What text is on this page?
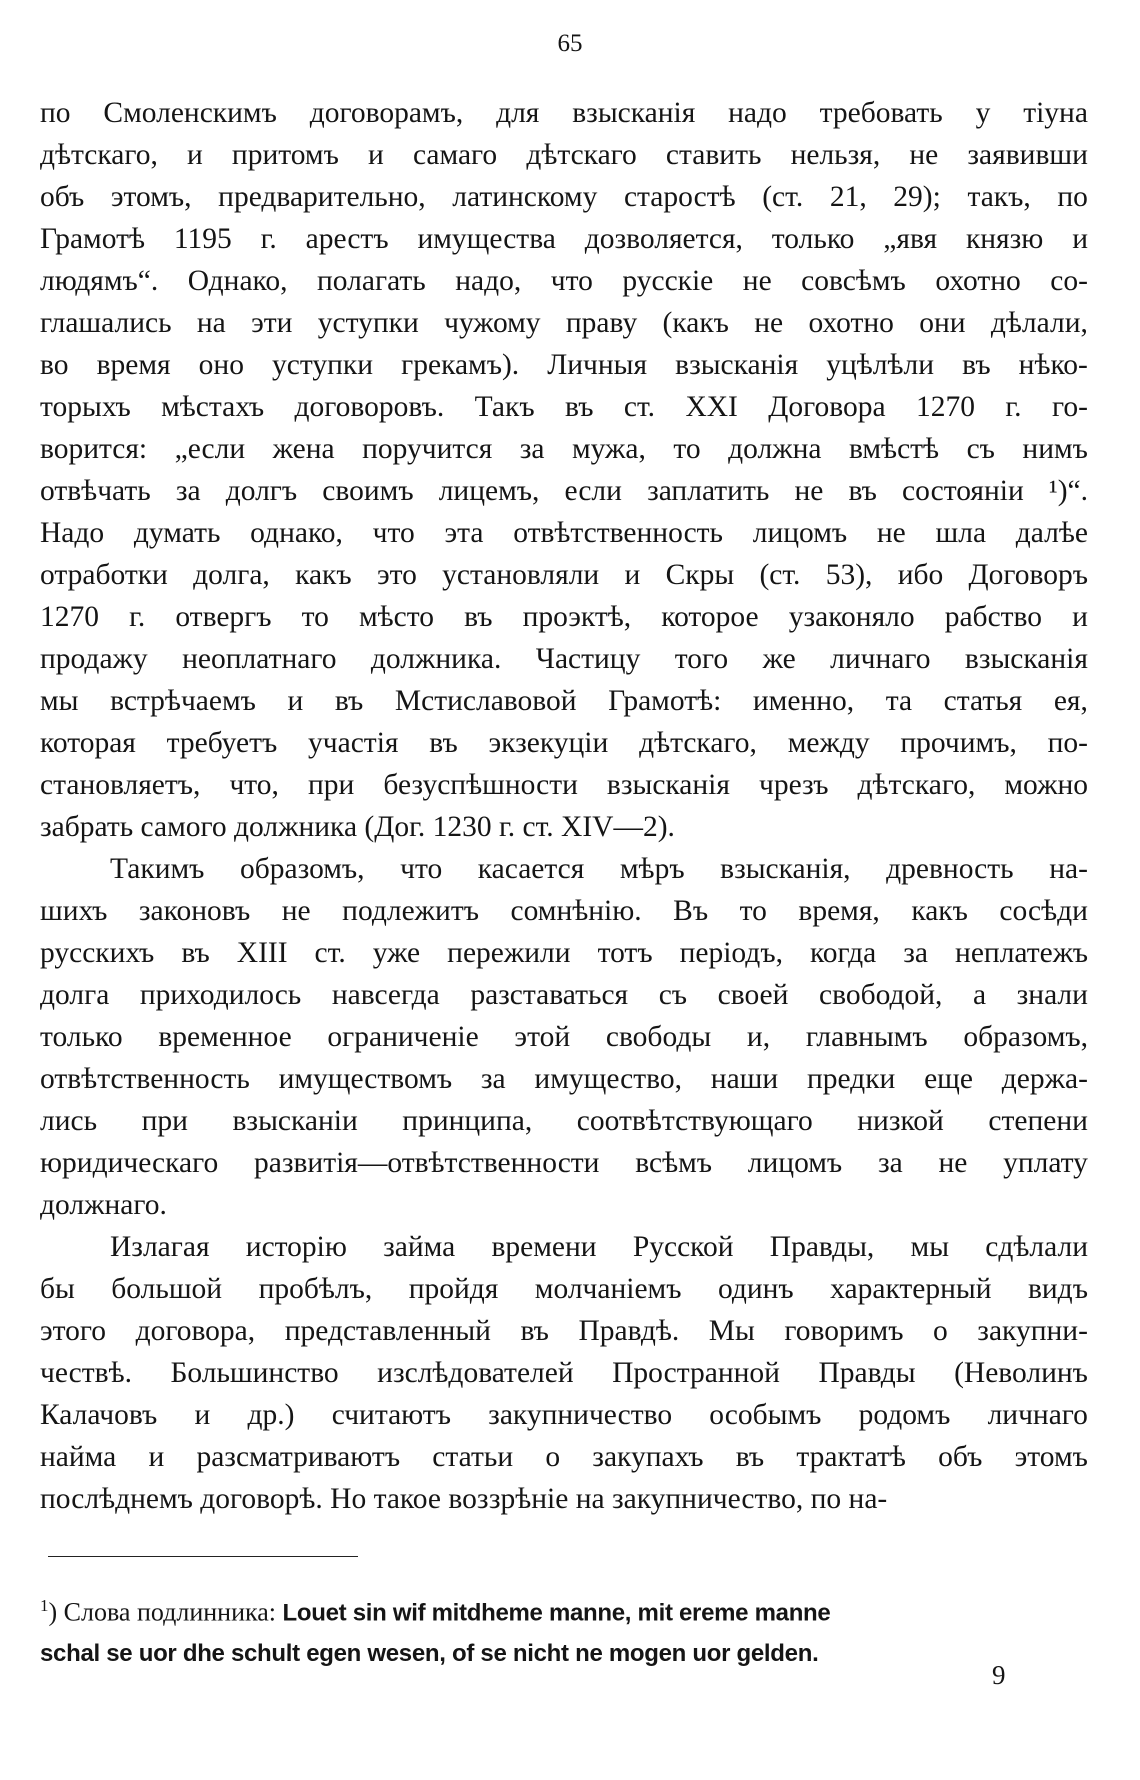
65
по Смоленскимъ договорамъ, для взысканія надо требовать у тіуна
дѣтскаго, и притомъ и самаго дѣтскаго ставить нельзя, не заявивши
объ этомъ, предварительно, латинскому старостѣ (ст. 21, 29); такъ, по
Грамотѣ 1195 г. арестъ имущества дозволяется, только „явя князю и
людямъ“. Однако, полагать надо, что русскіе не совсѣмъ охотно со-
глашались на эти уступки чужому праву (какъ не охотно они дѣлали,
во время оно уступки грекамъ). Личныя взысканія уцѣлѣли въ нѣко-
торыхъ мѣстахъ договоровъ. Такъ въ ст. XXI Договора 1270 г. го-
ворится: „если жена поручится за мужа, то должна вмѣстѣ съ нимъ
отвѣчать за долгъ своимъ лицемъ, если заплатить не въ состояніи ¹)“.
Надо думать однако, что эта отвѣтственность лицомъ не шла далѣе
отработки долга, какъ это установляли и Скры (ст. 53), ибо Договоръ
1270 г. отвергъ то мѣсто въ проэктѣ, которое узаконяло рабство и
продажу неоплатнаго должника. Частицу того же личнаго взысканія
мы встрѣчаемъ и въ Мстиславовой Грамотѣ: именно, та статья ея,
которая требуетъ участія въ экзекуціи дѣтскаго, между прочимъ, по-
становляетъ, что, при безуспѣшности взысканія чрезъ дѣтскаго, можно
забрать самого должника (Дог. 1230 г. ст. XIV—2).
Такимъ образомъ, что касается мѣръ взысканія, древность на-
шихъ законовъ не подлежитъ сомнѣнію. Въ то время, какъ сосѣди
русскихъ въ XIII ст. уже пережили тотъ періодъ, когда за неплатежъ
долга приходилось навсегда разставаться съ своей свободой, а знали
только временное ограниченіе этой свободы и, главнымъ образомъ,
отвѣтственность имуществомъ за имущество, наши предки еще держа-
лись при взысканіи принципа, соотвѣтствующаго низкой степени
юридическаго развитія—отвѣтственности всѣмъ лицомъ за не уплату
должнаго.
Излагая исторію займа времени Русской Правды, мы сдѣлали
бы большой пробѣлъ, пройдя молчаніемъ одинъ характерный видъ
этого договора, представленный въ Правдѣ. Мы говоримъ о закупни-
чествѣ. Большинство изслѣдователей Пространной Правды (Неволинъ
Калачовъ и др.) считаютъ закупничество особымъ родомъ личнаго
найма и разсматриваютъ статьи о закупахъ въ трактатѣ объ этомъ
послѣднемъ договорѣ. Но такое воззрѣніе на закупничество, по на-
$^1$) Слова подлинника: Louet sin wif mitdheme manne, mit ereme manne
schal se uor dhe schult egen wesen, of se nicht ne mogen uor gelden.
9
